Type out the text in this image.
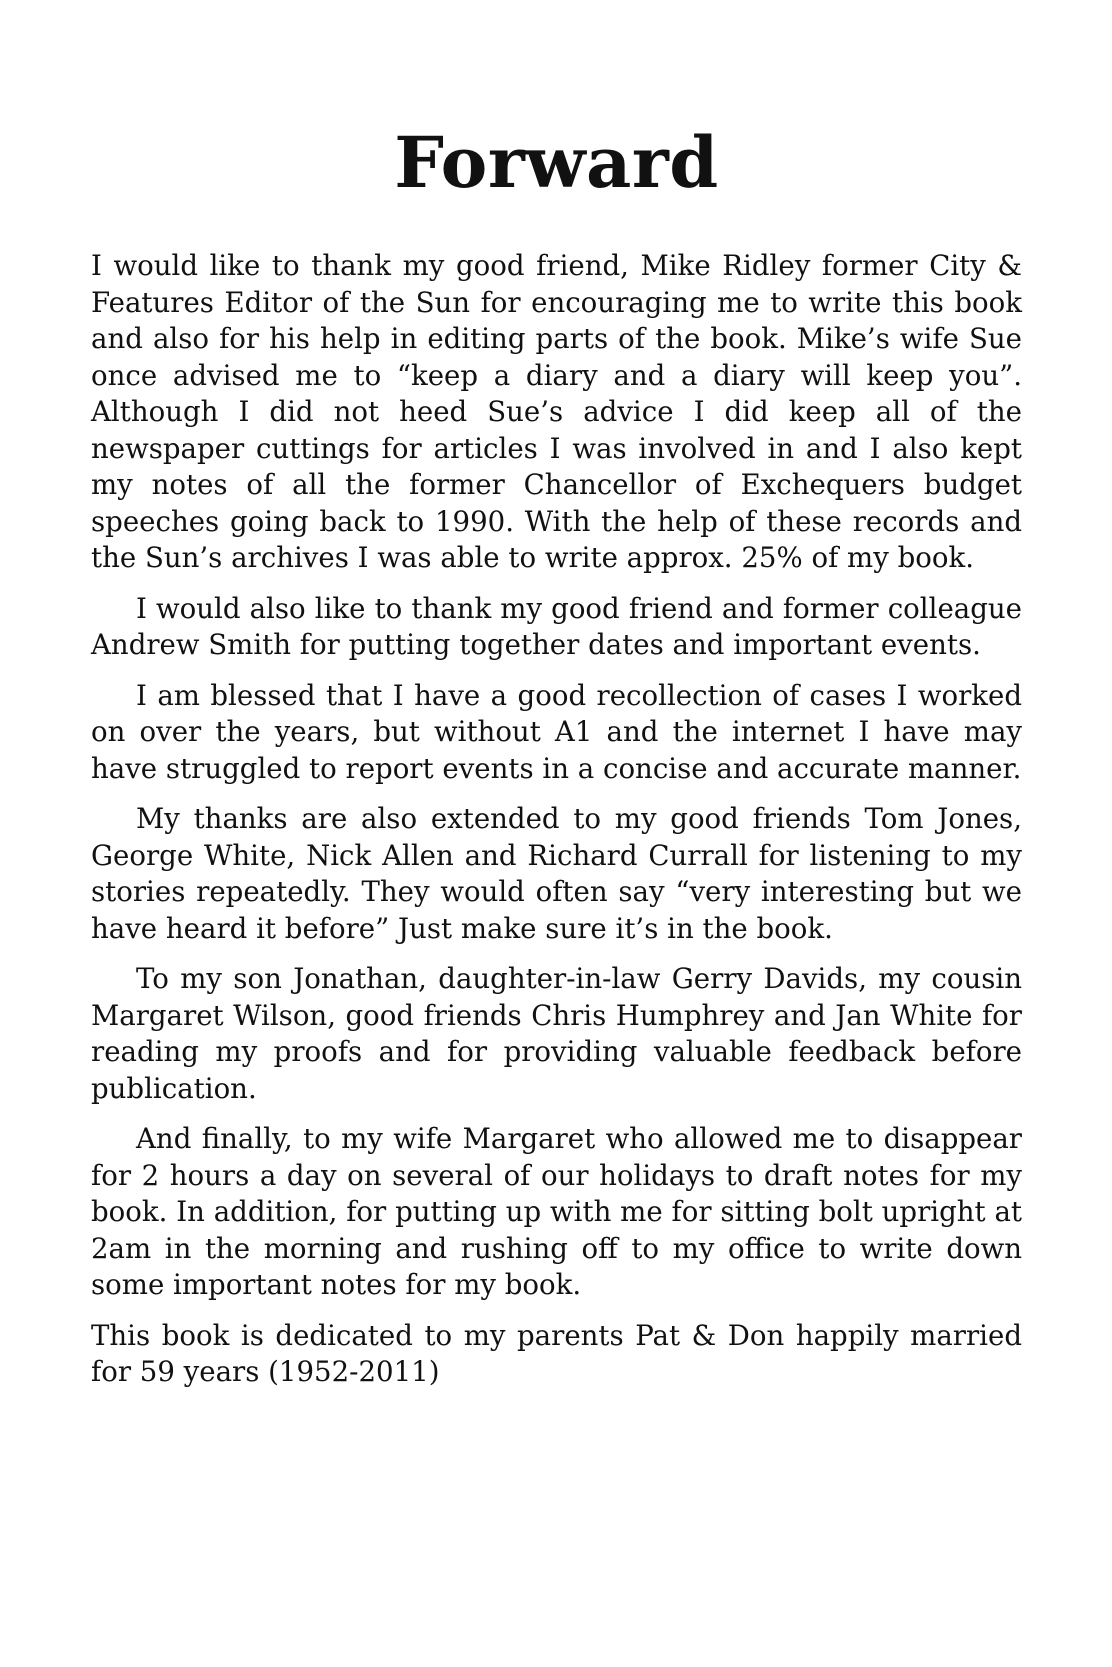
Forward

I would like to thank my good friend, Mike Ridley former City & Features Editor of the Sun for encouraging me to write this book and also for his help in editing parts of the book. Mike’s wife Sue once advised me to “keep a diary and a diary will keep you”. Although I did not heed Sue’s advice I did keep all of the newspaper cuttings for articles I was involved in and I also kept my notes of all the former Chancellor of Exchequers budget speeches going back to 1990. With the help of these records and the Sun’s archives I was able to write approx. 25% of my book.

I would also like to thank my good friend and former colleague Andrew Smith for putting together dates and important events.

I am blessed that I have a good recollection of cases I worked on over the years, but without A1 and the internet I have may have struggled to report events in a concise and accurate manner.

My thanks are also extended to my good friends Tom Jones, George White, Nick Allen and Richard Currall for listening to my stories repeatedly. They would often say “very interesting but we have heard it before” Just make sure it’s in the book.

To my son Jonathan, daughter-in-law Gerry Davids, my cousin Margaret Wilson, good friends Chris Humphrey and Jan White for reading my proofs and for providing valuable feedback before publication.

And finally, to my wife Margaret who allowed me to disappear for 2 hours a day on several of our holidays to draft notes for my book. In addition, for putting up with me for sitting bolt upright at 2am in the morning and rushing off to my office to write down some important notes for my book.

This book is dedicated to my parents Pat & Don happily married for 59 years (1952-2011)
